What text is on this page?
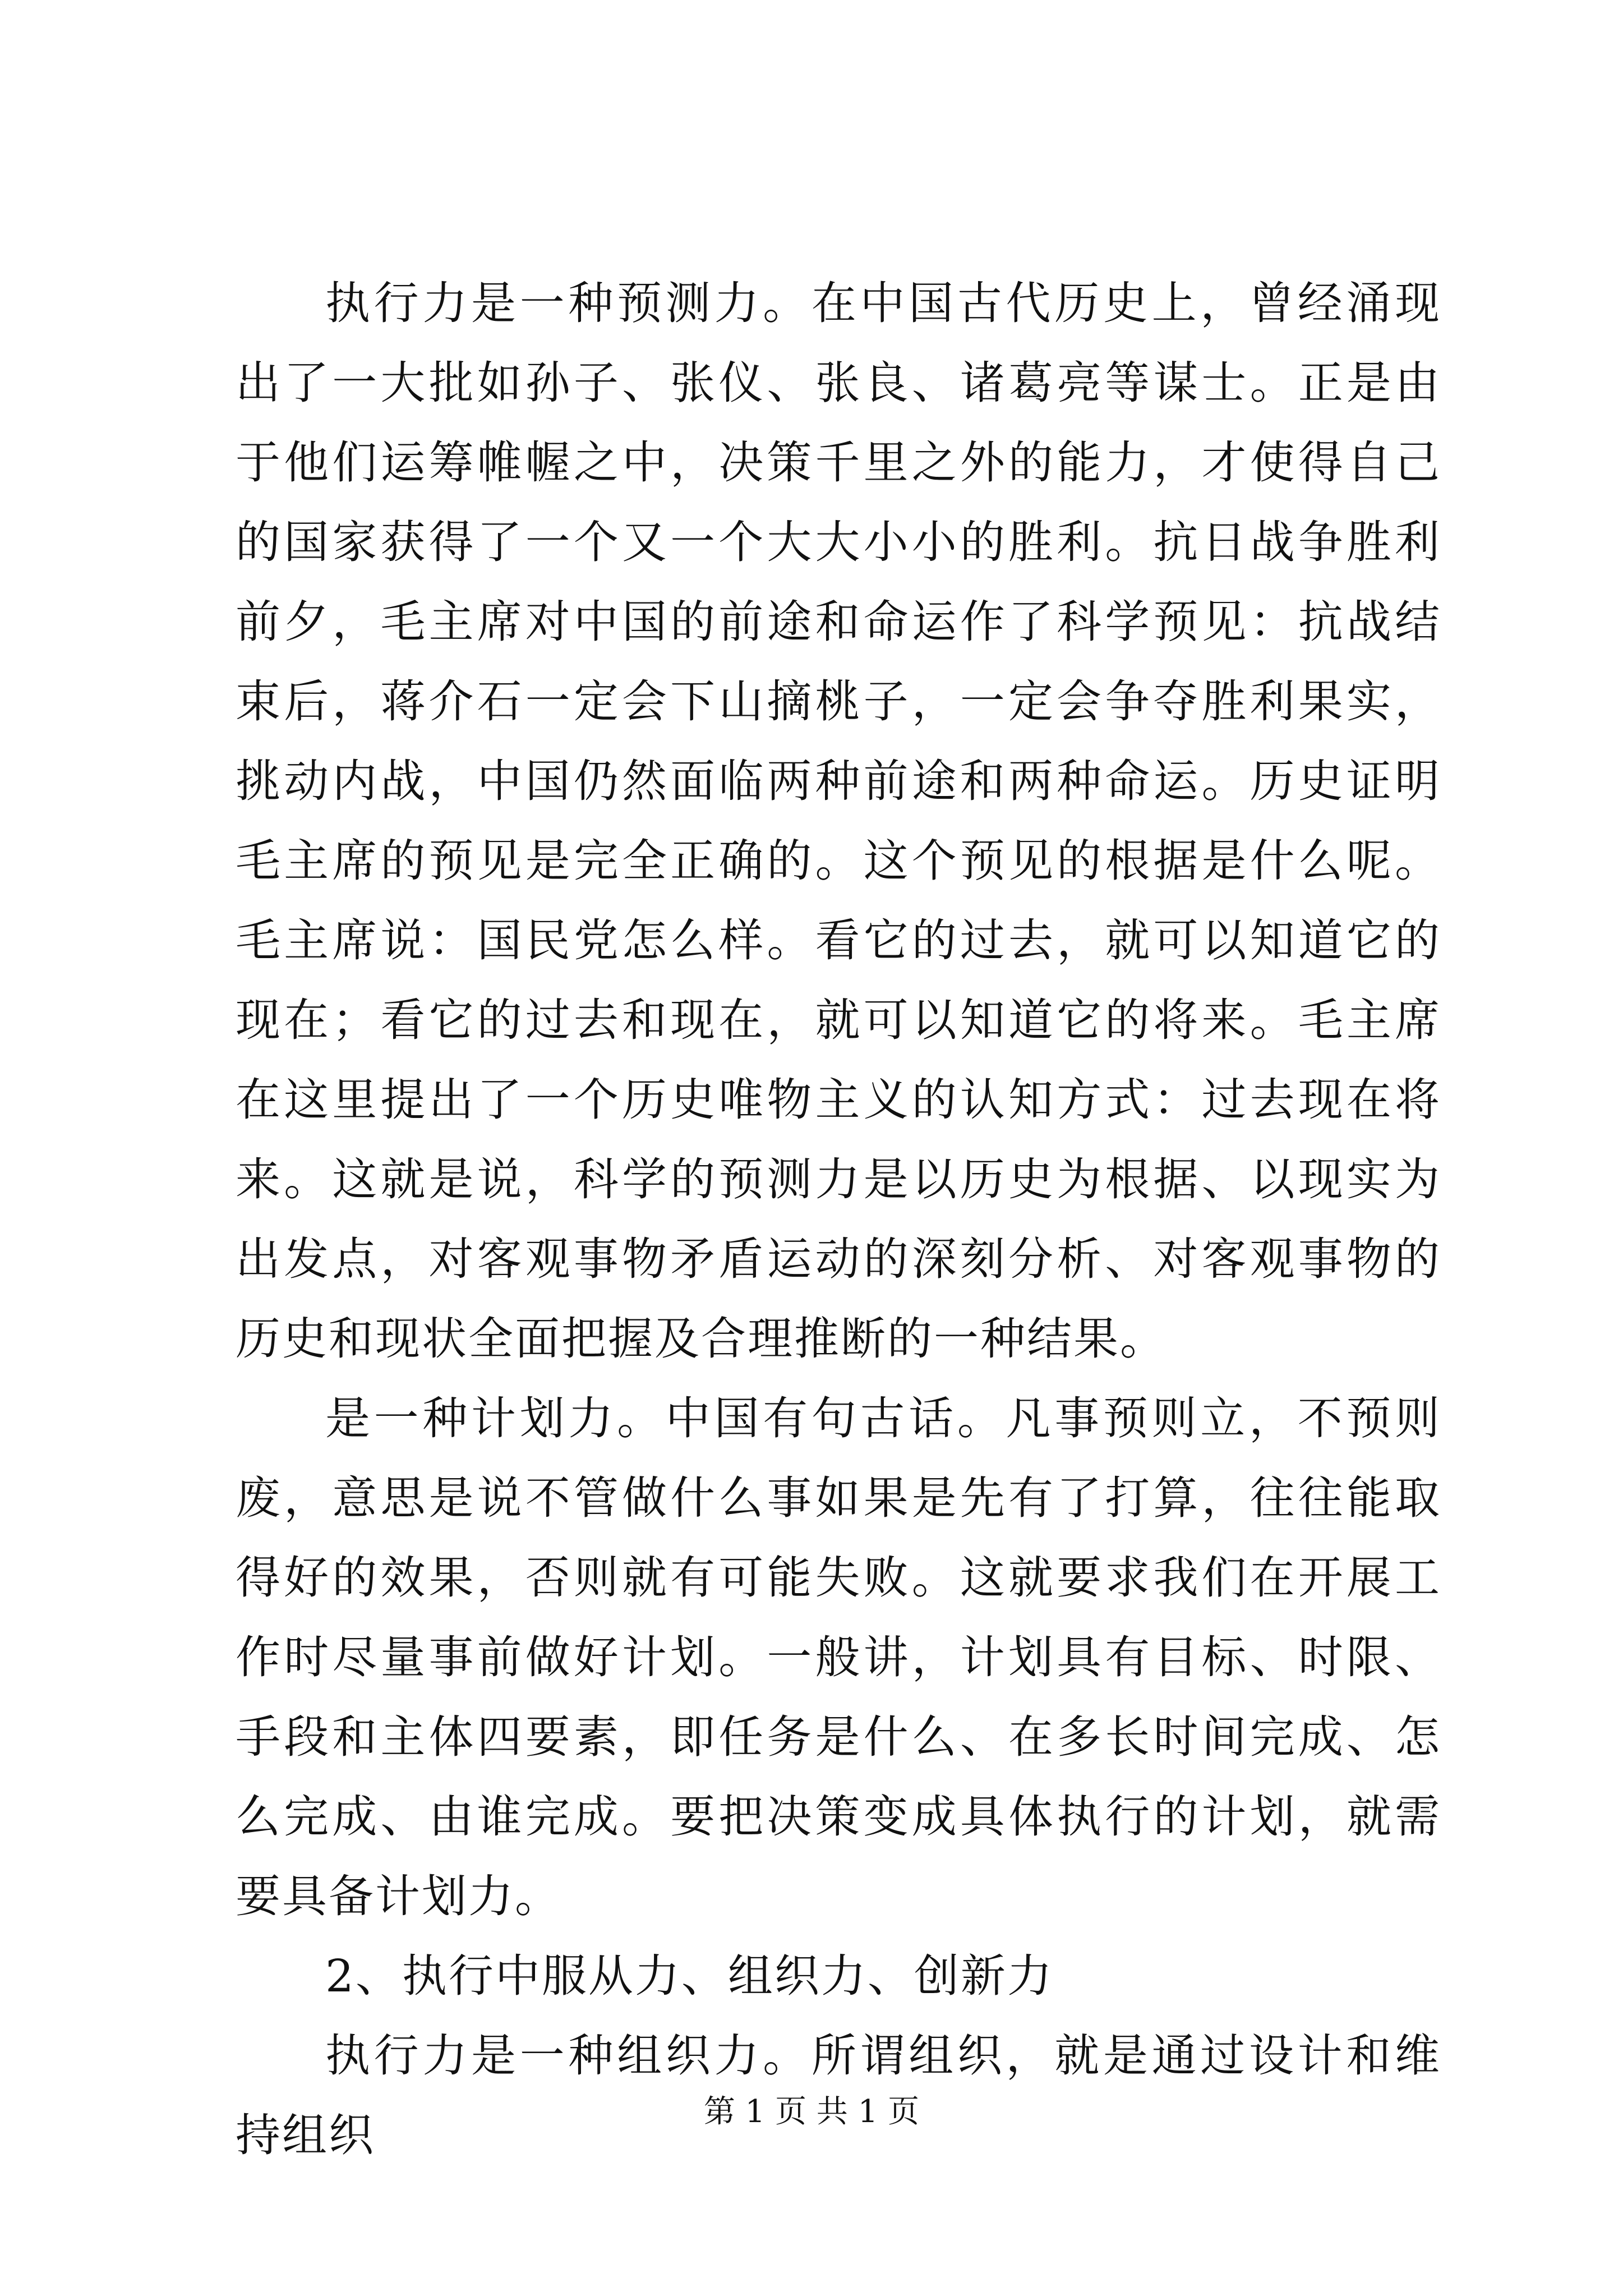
执行力是一种预测力。在中国古代历史上，曾经涌现出了一大批如孙子、张仪、张良、诸葛亮等谋士。正是由于他们运筹帷幄之中，决策千里之外的能力，才使得自己的国家获得了一个又一个大大小小的胜利。抗日战争胜利前夕，毛主席对中国的前途和命运作了科学预见：抗战结束后，蒋介石一定会下山摘桃子，一定会争夺胜利果实，挑动内战，中国仍然面临两种前途和两种命运。历史证明毛主席的预见是完全正确的。这个预见的根据是什么呢。毛主席说：国民党怎么样。看它的过去，就可以知道它的现在；看它的过去和现在，就可以知道它的将来。毛主席在这里提出了一个历史唯物主义的认知方式：过去现在将来。这就是说，科学的预测力是以历史为根据、以现实为出发点，对客观事物矛盾运动的深刻分析、对客观事物的历史和现状全面把握及合理推断的一种结果。

是一种计划力。中国有句古话。凡事预则立，不预则废，意思是说不管做什么事如果是先有了打算，往往能取得好的效果，否则就有可能失败。这就要求我们在开展工作时尽量事前做好计划。一般讲，计划具有目标、时限、手段和主体四要素，即任务是什么、在多长时间完成、怎么完成、由谁完成。要把决策变成具体执行的计划，就需要具备计划力。

2、执行中服从力、组织力、创新力

执行力是一种组织力。所谓组织，就是通过设计和维持组织	第 1 页 共 1 页
